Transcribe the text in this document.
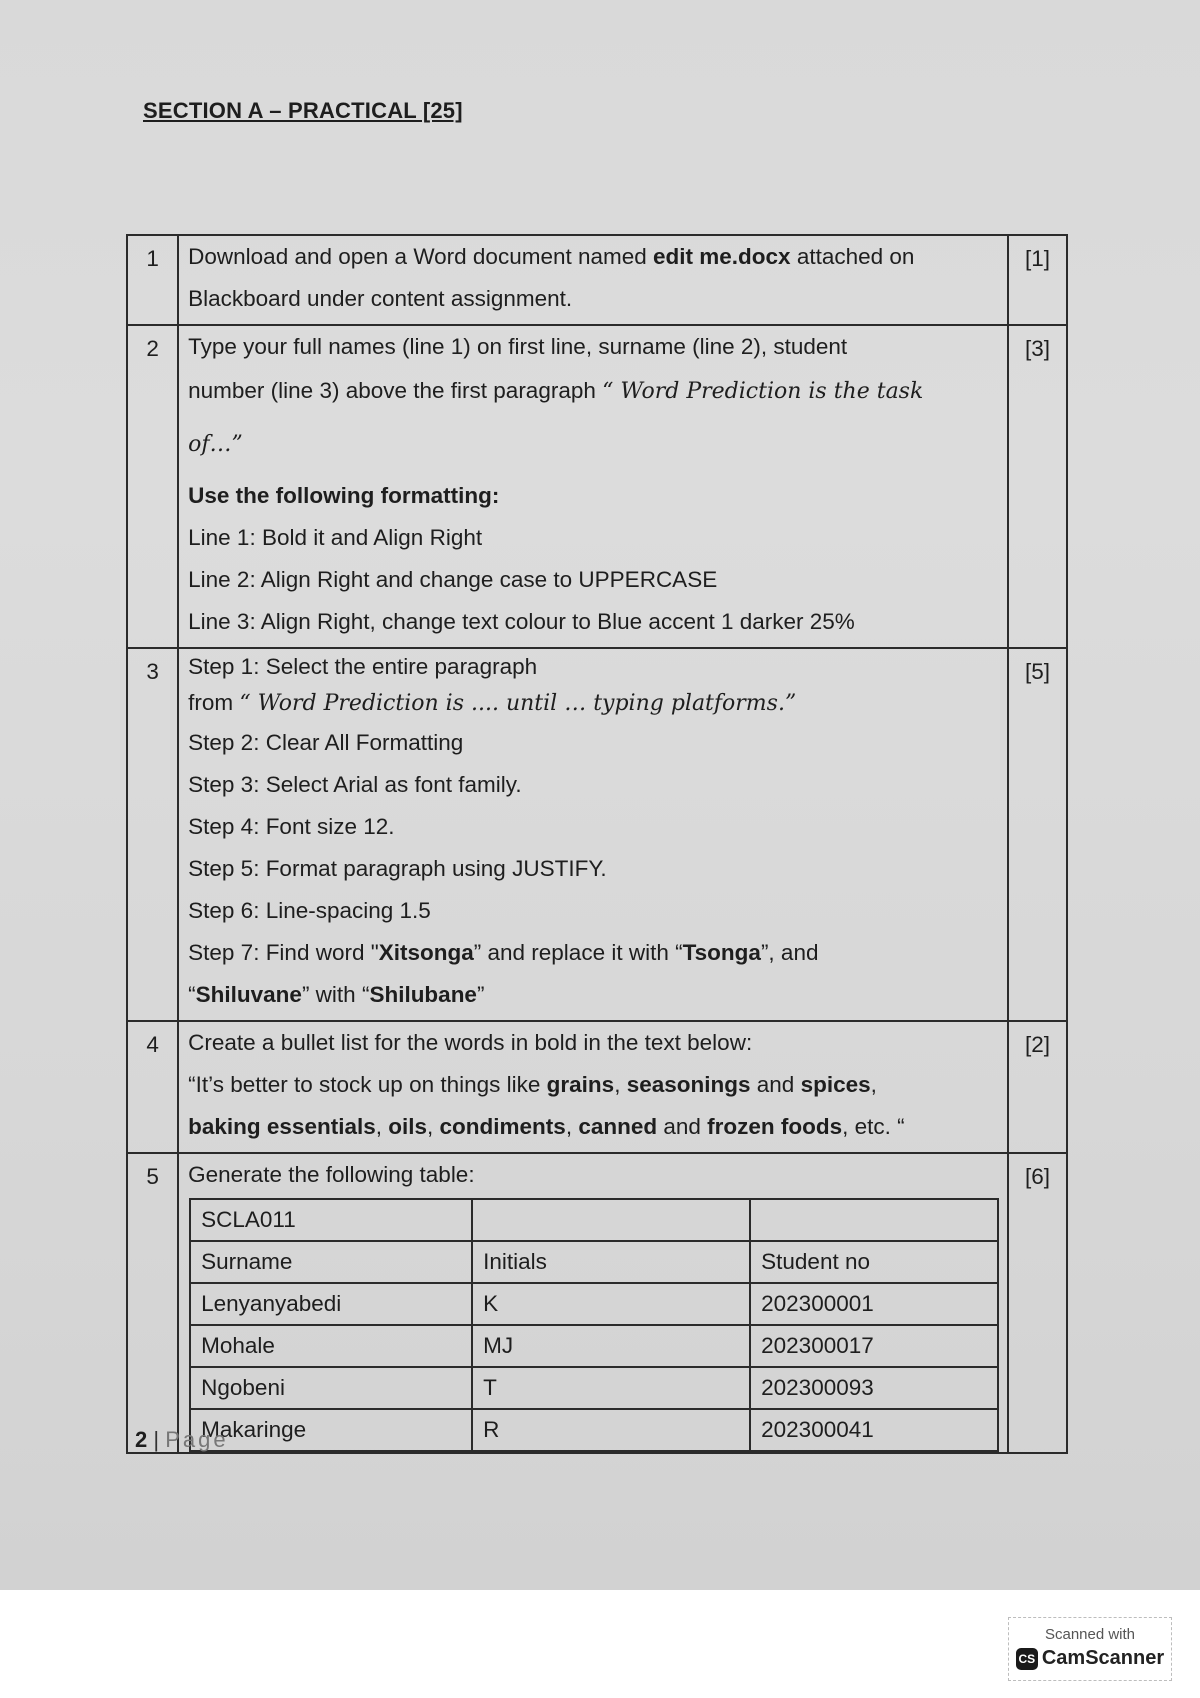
SECTION A – PRACTICAL [25]
1	Download and open a Word document named edit me.docx attached on
Blackboard under content assignment.

[1]

2	Type your full names (line 1) on first line, surname (line 2), student
number (line 3) above the first paragraph “ Word Prediction is the task
of…”
Use the following formatting:
Line 1: Bold it and Align Right
Line 2: Align Right and change case to UPPERCASE
Line 3: Align Right, change text colour to Blue accent 1 darker 25%

[3]

3	Step 1: Select the entire paragraph
from “ Word Prediction is .... until … typing platforms.”
Step 2: Clear All Formatting
Step 3: Select Arial as font family.
Step 4: Font size 12.
Step 5: Format paragraph using JUSTIFY.
Step 6: Line-spacing 1.5
Step 7: Find word "Xitsonga” and replace it with “Tsonga”, and
“Shiluvane” with “Shilubane”

[5]

4	Create a bullet list for the words in bold in the text below:
“It’s better to stock up on things like grains, seasonings and spices,
baking essentials, oils, condiments, canned and frozen foods, etc. “

[2]

5	Generate the following table:
SCLA011		
Surname	Initials	Student no
Lenyanyabedi	K	202300001
Mohale	MJ	202300017
Ngobeni	T	202300093
Makaringe	R	202300041

[6]
2 | Page
Scanned with
CS CamScanner
